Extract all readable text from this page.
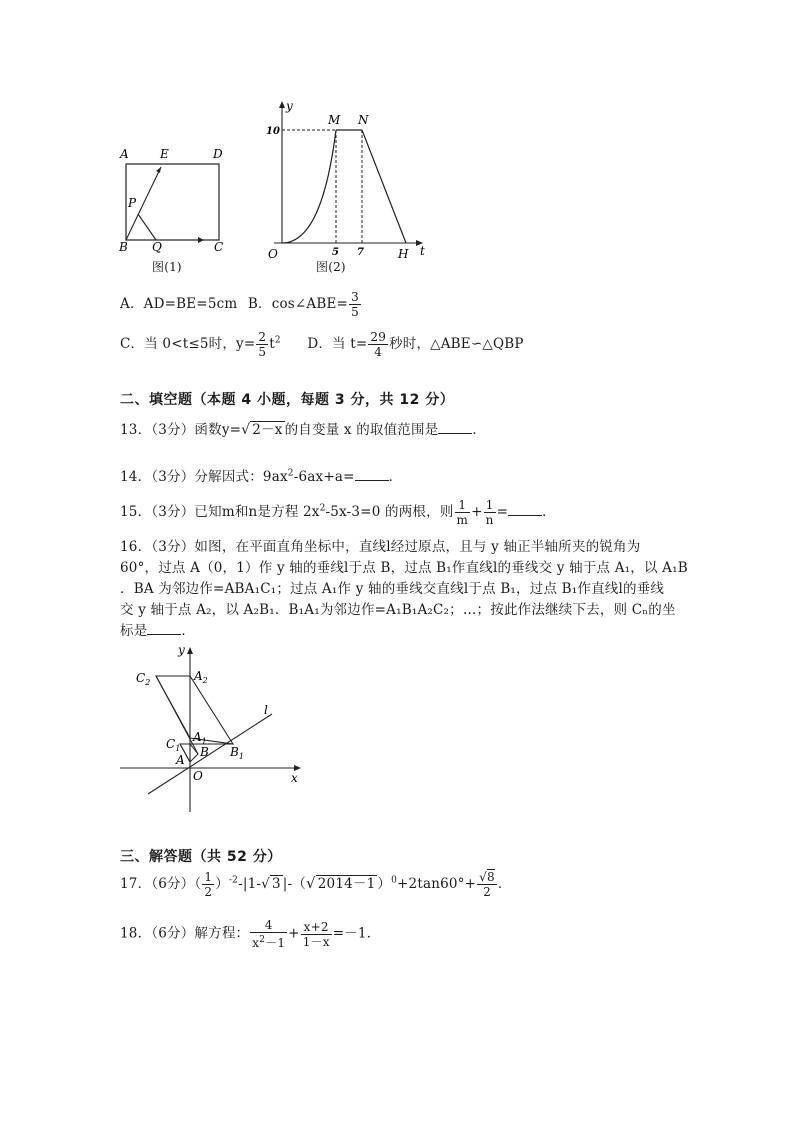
A	E	D
P
B Q	C
图(1)
y
M N
10
O	5 7	H t
图(2)
A．AD=BE=5cm B．cos∠ABE= $\frac{3}{5}$
C．当 0<t≤5时，$y= \frac{2}{5} t^2$ D．当 $t= \frac{29}{4}$ 秒时，△ABE∽△QBP
二、填空题（本题 4 小题，每题 3 分，共 12 分）
13．（3分）函数y=√ 2－x 的自变量 x 的取值范围是	．
14．（3分）分解因式：$9ax^2-6ax+a=$	．
15．（3分）已知m和n是方程 $2x^2-5x-3=0$ 的两根，则 $\frac{1}{m} + \frac{1}{n}$ =	．
16．（3分）如图，在平面直角坐标中，直线l经过原点，且与 y 轴正半轴所夹的锐角为
60°，过点 A（0，1）作 y 轴的垂线l于点 B，过点 B₁作直线l的垂线交 y 轴于点 A₁，以 A₁B
．BA 为邻边作=ABA₁C₁；过点 A₁作 y 轴的垂线交直线l于点 B₁，过点 B₁作直线l的垂线
交 y 轴于点 A₂，以 A₂B₁．B₁A₁为邻边作=A₁B₁A₂C₂；…；按此作法继续下去，则 Cₙ的坐
标是	．
y
$C_2$	$A_2$
l
$C_1$
$A_1$
B $B_1$
A
O	x
三、解答题（共 52 分）
17．（6分）（ $\frac{1}{2} )^{-2}-|1-√$ 3 |-（√ 2014－1 ）$^0+2\tan 60^\circ+ \frac{√8}{2}$ ．
18．（6分）解方程： $\frac{4}{x^2-1} + \frac{x+2}{1-x} =-1$．
